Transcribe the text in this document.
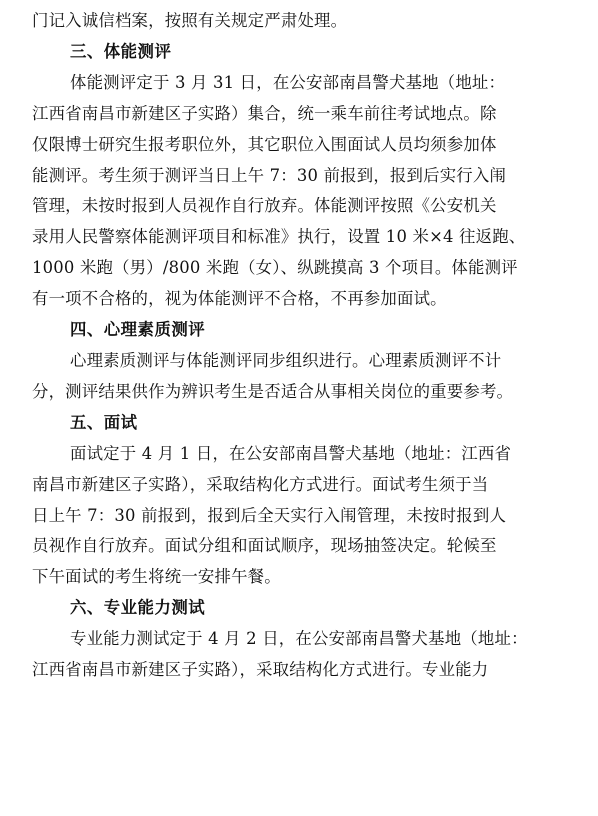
门记入诚信档案，按照有关规定严肃处理。
三、体能测评
体能测评定于 3 月 31 日，在公安部南昌警犬基地（地址：
江西省南昌市新建区子实路）集合，统一乘车前往考试地点。除
仅限博士研究生报考职位外，其它职位入围面试人员均须参加体
能测评。考生须于测评当日上午 7：30 前报到，报到后实行入闱
管理，未按时报到人员视作自行放弃。体能测评按照《公安机关
录用人民警察体能测评项目和标准》执行，设置 10 米×4 往返跑、
1000 米跑（男）/800 米跑（女）、纵跳摸高 3 个项目。体能测评
有一项不合格的，视为体能测评不合格，不再参加面试。
四、心理素质测评
心理素质测评与体能测评同步组织进行。心理素质测评不计
分，测评结果供作为辨识考生是否适合从事相关岗位的重要参考。
五、面试
面试定于 4 月 1 日，在公安部南昌警犬基地（地址：江西省
南昌市新建区子实路），采取结构化方式进行。面试考生须于当
日上午 7：30 前报到，报到后全天实行入闱管理，未按时报到人
员视作自行放弃。面试分组和面试顺序，现场抽签决定。轮候至
下午面试的考生将统一安排午餐。
六、专业能力测试
专业能力测试定于 4 月 2 日，在公安部南昌警犬基地（地址：
江西省南昌市新建区子实路），采取结构化方式进行。专业能力
